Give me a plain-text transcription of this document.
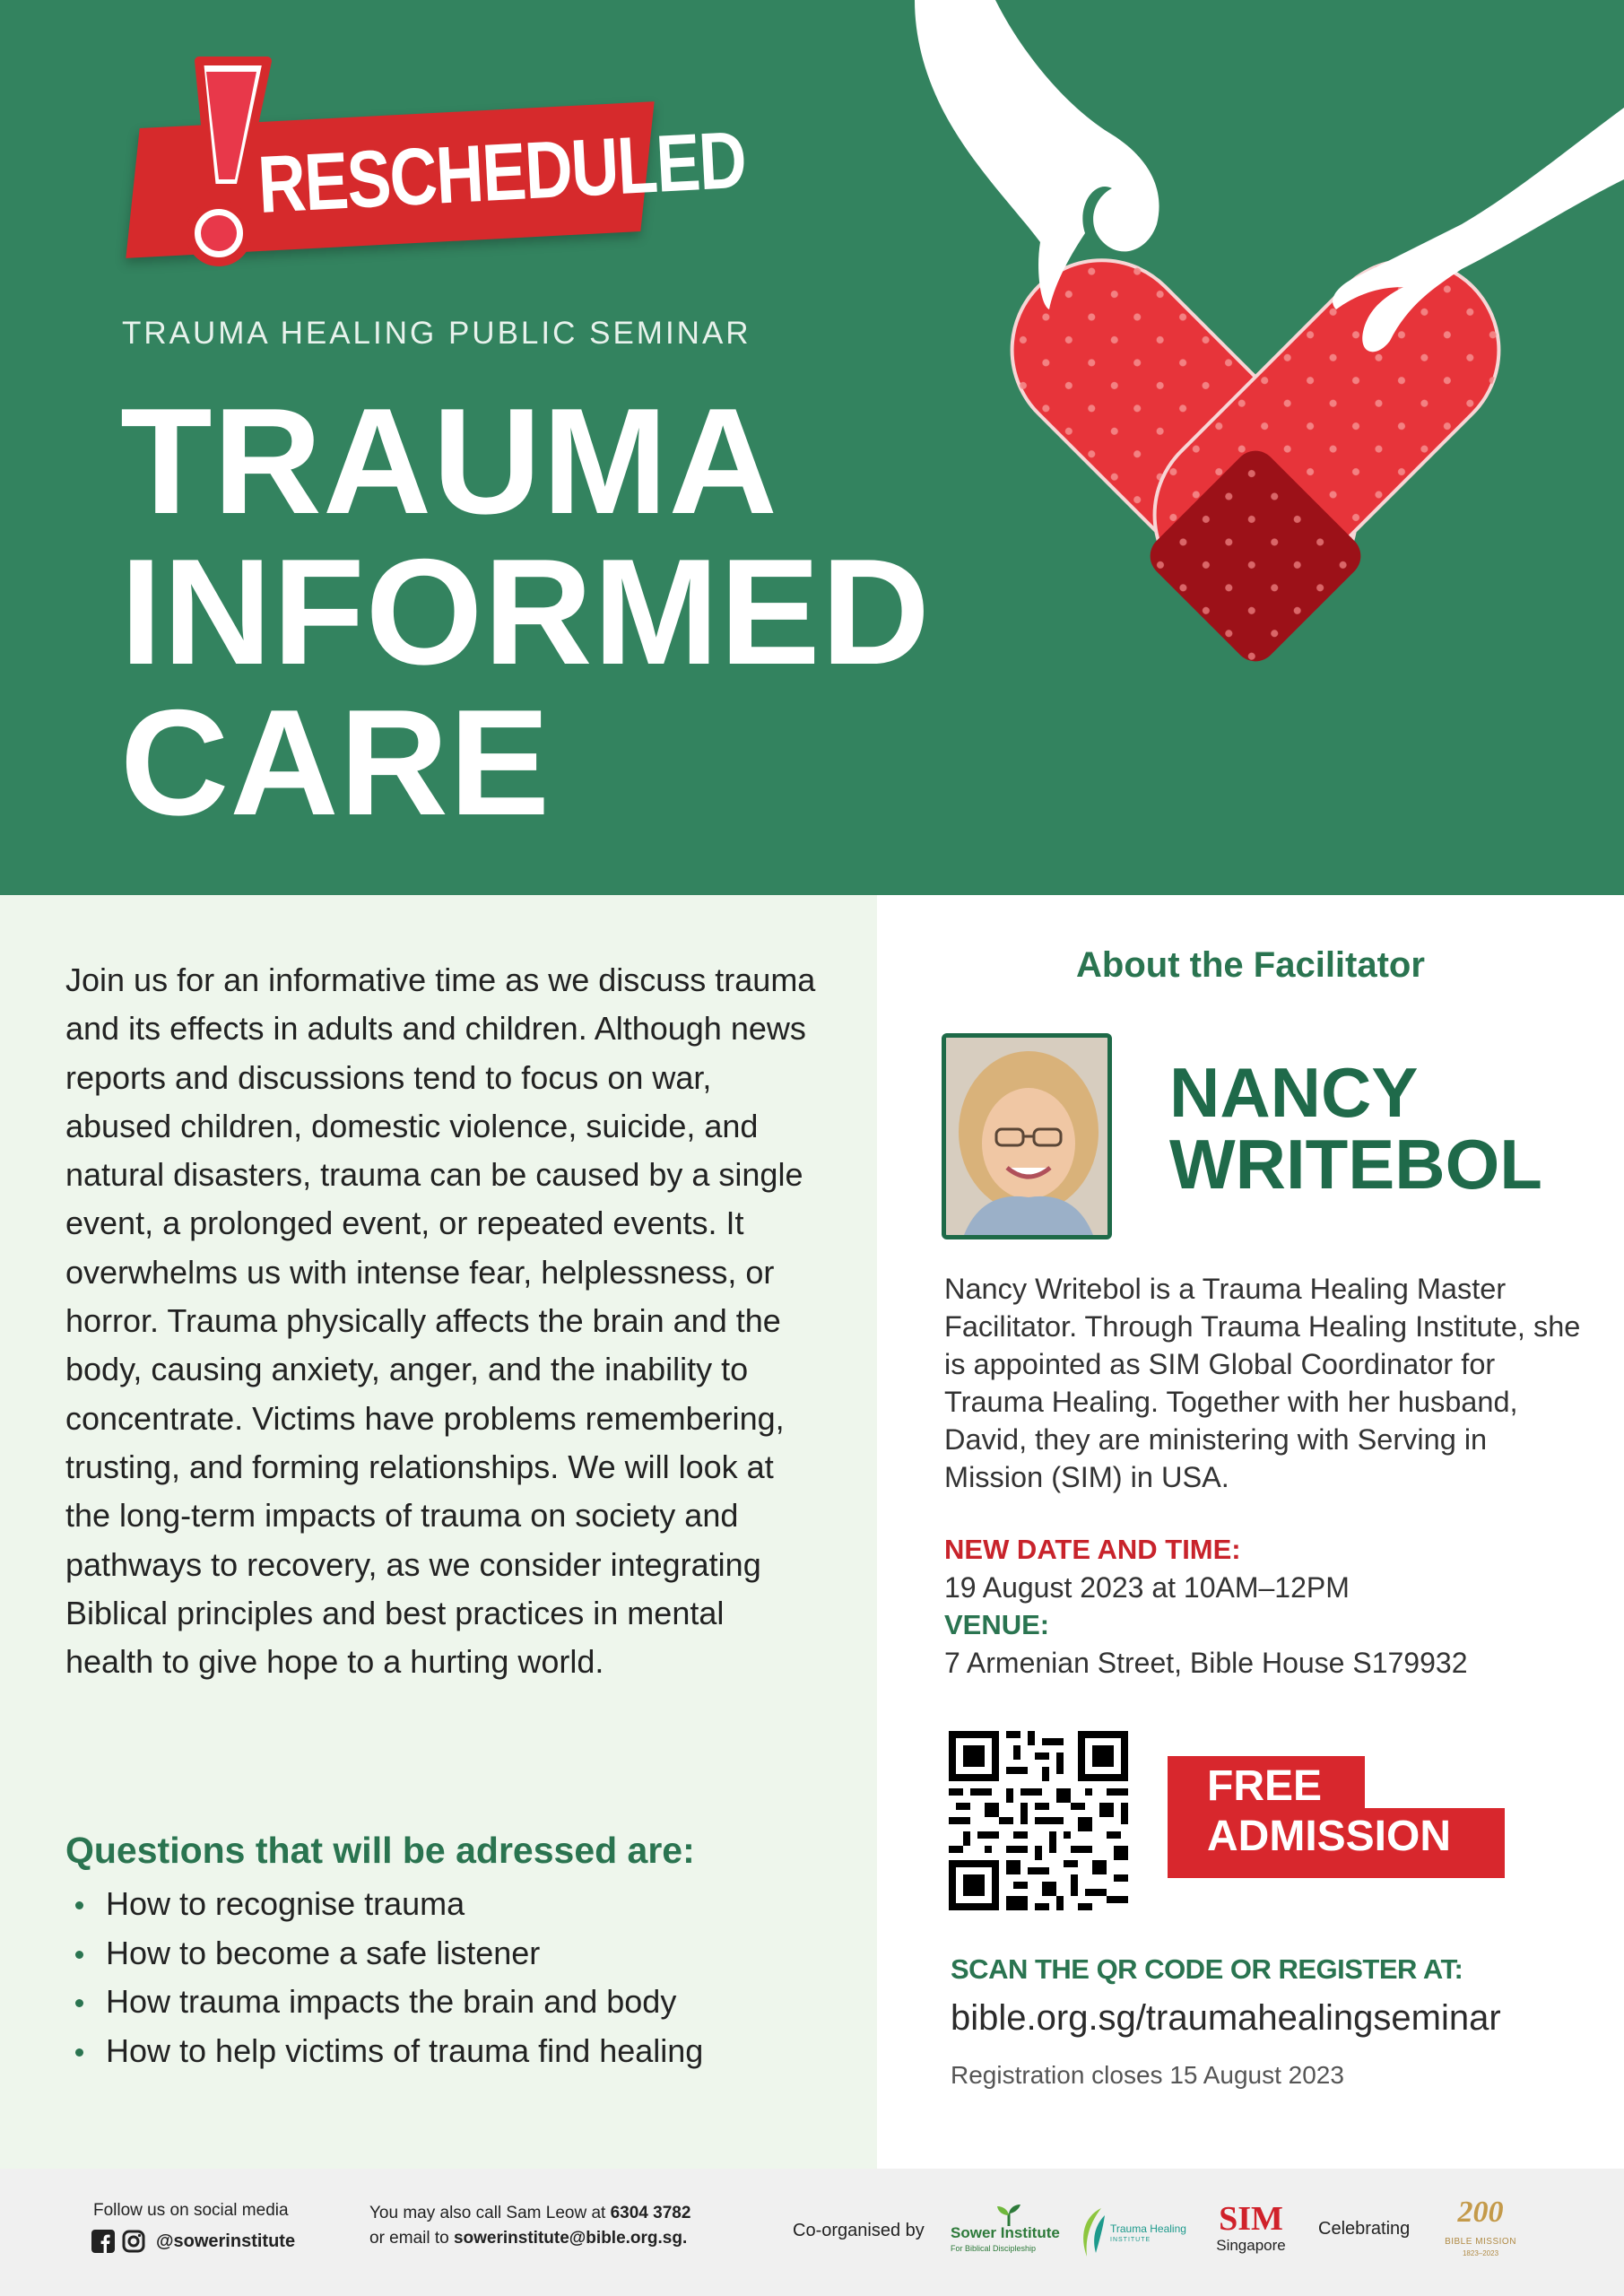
RESCHEDULED
TRAUMA HEALING PUBLIC SEMINAR
TRAUMA
INFORMED
CARE

Join us for an informative time as we discuss trauma and its effects in adults and children. Although news reports and discussions tend to focus on war, abused children, domestic violence, suicide, and natural disasters, trauma can be caused by a single event, a prolonged event, or repeated events. It overwhelms us with intense fear, helplessness, or horror. Trauma physically affects the brain and the body, causing anxiety, anger, and the inability to concentrate. Victims have problems remembering, trusting, and forming relationships. We will look at the long-term impacts of trauma on society and pathways to recovery, as we consider integrating Biblical principles and best practices in mental health to give hope to a hurting world.

Questions that will be adressed are:
How to recognise trauma
How to become a safe listener
How trauma impacts the brain and body
How to help victims of trauma find healing
About the Facilitator
NANCY
WRITEBOL

Nancy Writebol is a Trauma Healing Master Facilitator. Through Trauma Healing Institute, she is appointed as SIM Global Coordinator for Trauma Healing. Together with her husband, David, they are ministering with Serving in Mission (SIM) in USA.

NEW DATE AND TIME:
19 August 2023 at 10AM–12PM
VENUE:
7 Armenian Street, Bible House S179932
FREE
ADMISSION
SCAN THE QR CODE OR REGISTER AT:
bible.org.sg/traumahealingseminar
Registration closes 15 August 2023
Follow us on social media
@sowerinstitute
You may also call Sam Leow at 6304 3782
or email to sowerinstitute@bible.org.sg.	Co-organised by Sower Institute
For Biblical Discipleship
Trauma Healing
INSTITUTE
SIM
Singapore
Celebrating	200
BIBLE MISSION
1823–2023
